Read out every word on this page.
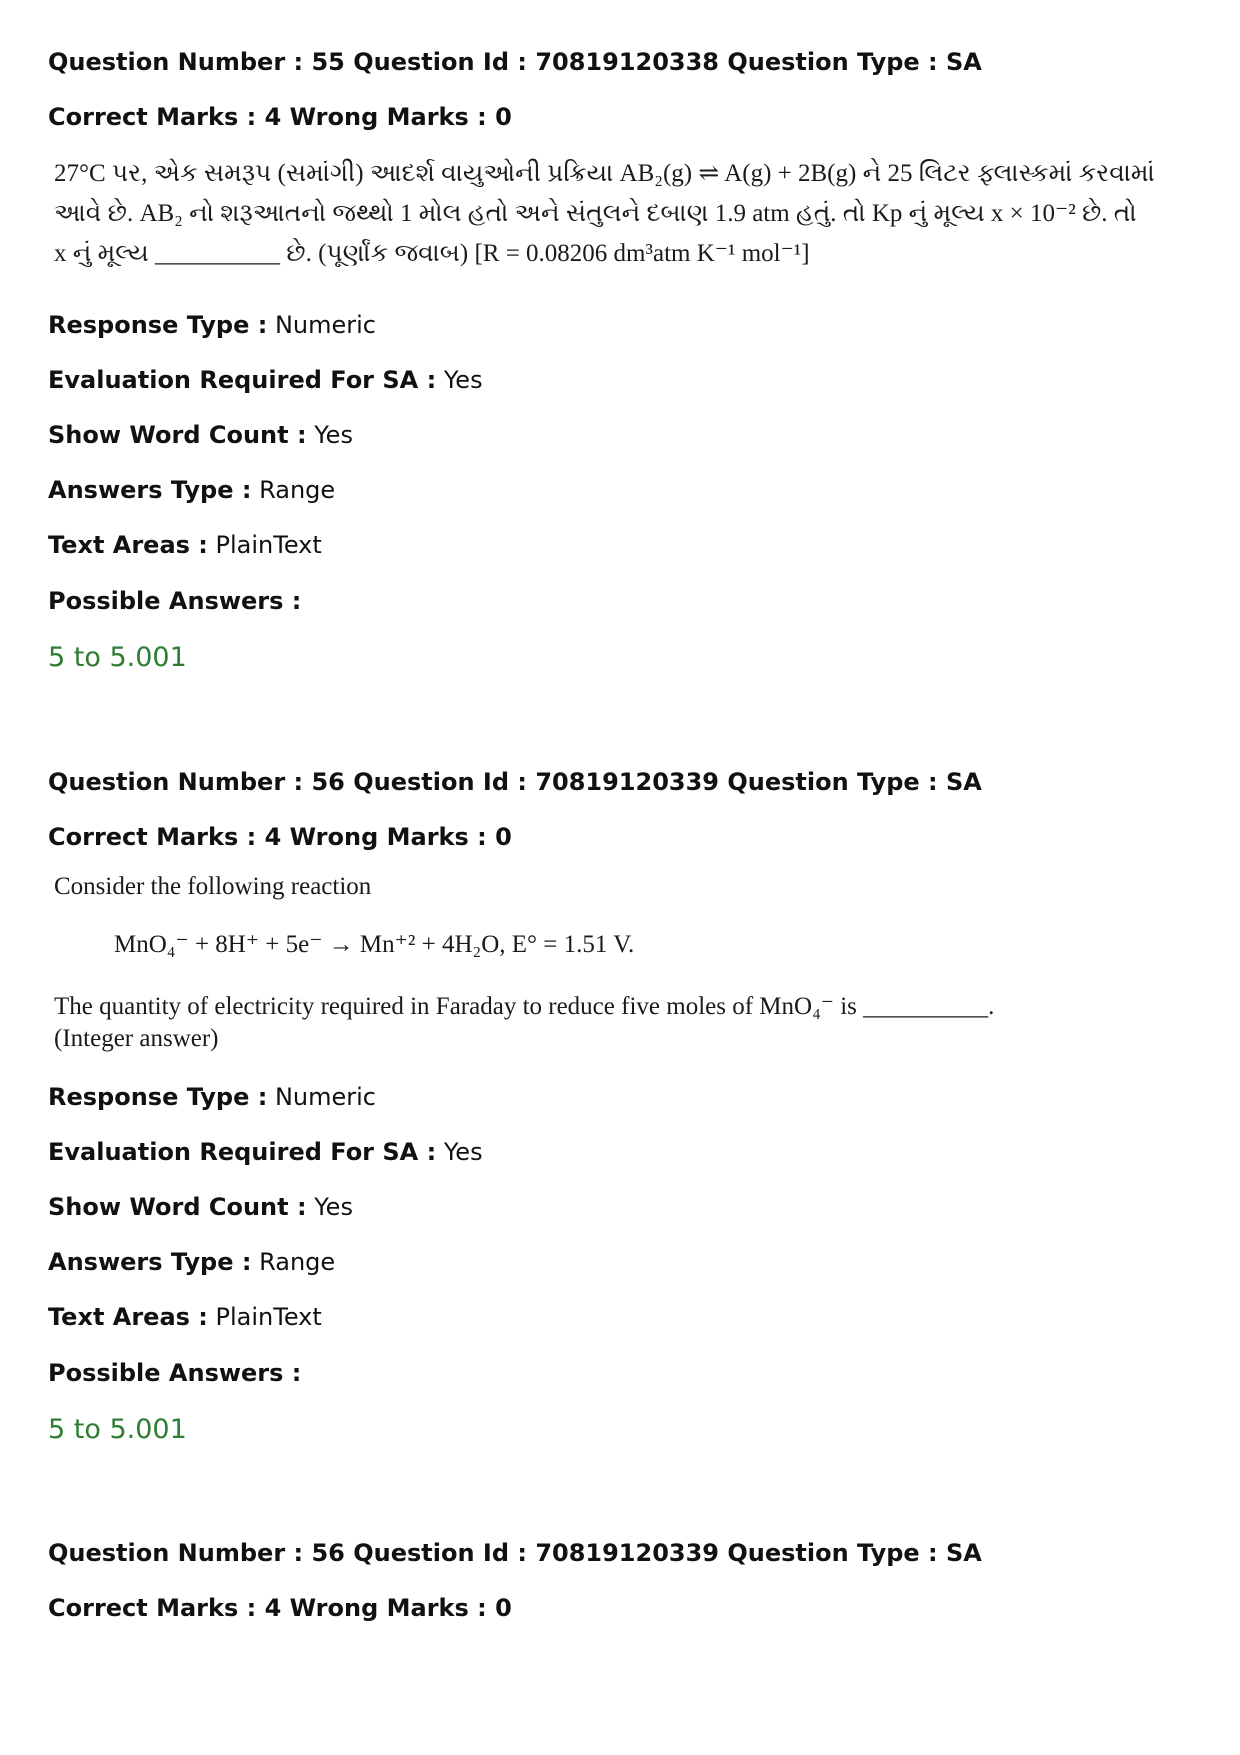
Question Number : 55 Question Id : 70819120338 Question Type : SA
Correct Marks : 4 Wrong Marks : 0
27°C પર, એક સમરૂપ (સમાંગી) આદર્શ વાયુઓની પ્રક્રિયા AB₂(g) ⇌ A(g) + 2B(g) ને 25 લિટર ફ્લાસ્કમાં કરવામાં
આવે છે. AB₂ નો શરૂઆતનો જથ્થો 1 મોલ હતો અને સંતુલને દબાણ 1.9 atm હતું. તો Kp નું મૂલ્ય x × 10⁻² છે. તો
x નું મૂલ્ય __________ છે. (પૂર્ણાંક જવાબ) [R = 0.08206 dm³atm K⁻¹ mol⁻¹]
Response Type : Numeric
Evaluation Required For SA : Yes
Show Word Count : Yes
Answers Type : Range
Text Areas : PlainText
Possible Answers :
5 to 5.001
Question Number : 56 Question Id : 70819120339 Question Type : SA
Correct Marks : 4 Wrong Marks : 0
Consider the following reaction
MnO₄⁻ + 8H⁺ + 5e⁻ → Mn⁺² + 4H₂O, E° = 1.51 V.
The quantity of electricity required in Faraday to reduce five moles of MnO₄⁻ is __________.
(Integer answer)
Response Type : Numeric
Evaluation Required For SA : Yes
Show Word Count : Yes
Answers Type : Range
Text Areas : PlainText
Possible Answers :
5 to 5.001
Question Number : 56 Question Id : 70819120339 Question Type : SA
Correct Marks : 4 Wrong Marks : 0
